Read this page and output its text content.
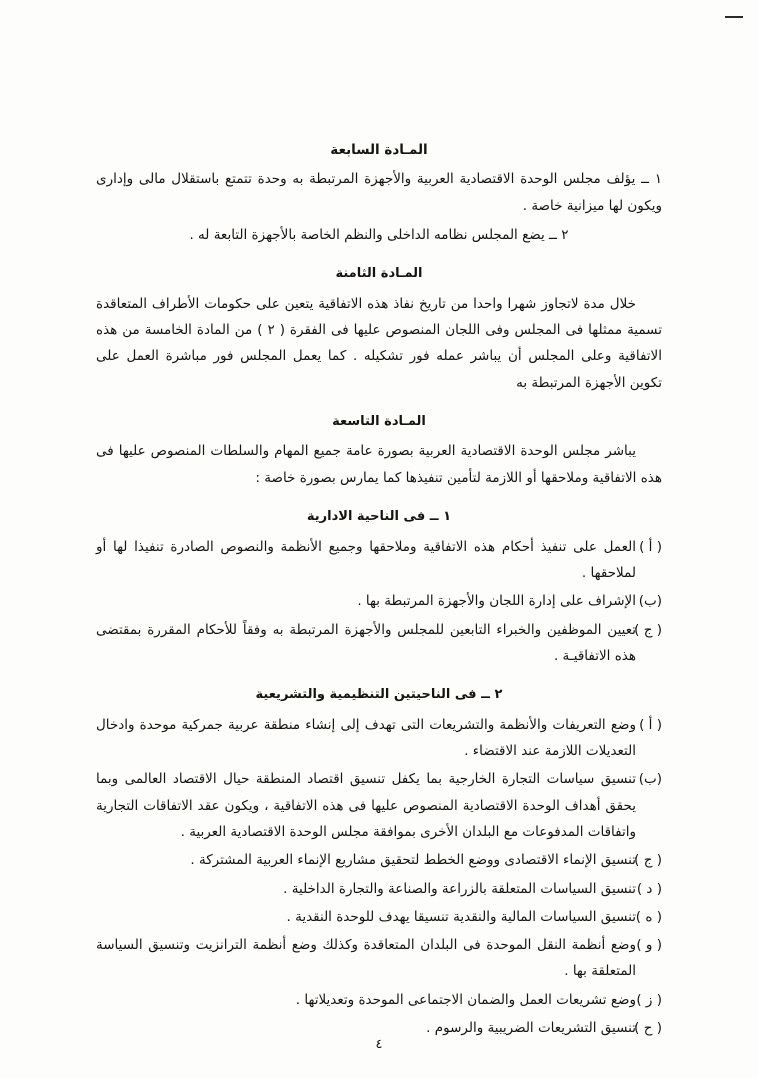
المـادة السابعة

١ ــ يؤلف مجلس الوحدة الاقتصادية العربية والأجهزة المرتبطة به وحدة تتمتع باستقلال مالى وإدارى ويكون لها ميزانية خاصة .

٢ ــ يضع المجلس نظامه الداخلى والنظم الخاصة بالأجهزة التابعة له .

المـادة الثامنة

خلال مدة لاتجاوز شهرا واحدا من تاريخ نفاذ هذه الاتفاقية يتعين على حكومات الأطراف المتعاقدة تسمية ممثلها فى المجلس وفى اللجان المنصوص عليها فى الفقرة ( ٢ ) من المادة الخامسة من هذه الاتفاقية وعلى المجلس أن يباشر عمله فور تشكيله . كما يعمل المجلس فور مباشرة العمل على تكوين الأجهزة المرتبطة به

المـادة التاسعة

يباشر مجلس الوحدة الاقتصادية العربية بصورة عامة جميع المهام والسلطات المنصوص عليها فى هذه الاتفاقية وملاحقها أو اللازمة لتأمين تنفيذها كما يمارس بصورة خاصة :

١ ــ فى الناحية الادارية

( أ )
العمل على تنفيذ أحكام هذه الاتفاقية وملاحقها وجميع الأنظمة والنصوص الصادرة تنفيذا لها أو لملاحقها .

(ب)
الإشراف على إدارة اللجان والأجهزة المرتبطة بها .

( ج )
تعيين الموظفين والخبراء التابعين للمجلس والأجهزة المرتبطة به وفقاً للأحكام المقررة بمقتضى هذه الاتفاقيـة .

٢ ــ فى الناحيتين التنظيمية والتشريعية

( أ )
وضع التعريفات والأنظمة والتشريعات التى تهدف إلى إنشاء منطقة عربية جمركية موحدة وادخال التعديلات اللازمة عند الاقتضاء .

(ب)
تنسيق سياسات التجارة الخارجية بما يكفل تنسيق اقتصاد المنطقة حيال الاقتصاد العالمى وبما يحقق أهداف الوحدة الاقتصادية المنصوص عليها فى هذه الاتفاقية ، ويكون عقد الاتفاقات التجارية واتفاقات المدفوعات مع البلدان الأخرى بموافقة مجلس الوحدة الاقتصادية العربية .

( ج )
تنسيق الإنماء الاقتصادى ووضع الخطط لتحقيق مشاريع الإنماء العربية المشتركة .

( د )
تنسيق السياسات المتعلقة بالزراعة والصناعة والتجارة الداخلية .

( ه )
تنسيق السياسات المالية والنقدية تنسيقا يهدف للوحدة النقدية .

( و )
وضع أنظمة النقل الموحدة فى البلدان المتعاقدة وكذلك وضع أنظمة الترانزيت وتنسيق السياسة المتعلقة بها .

( ز )
وضع تشريعات العمل والضمان الاجتماعى الموحدة وتعديلاتها .

( ح )
تنسيق التشريعات الضريبية والرسوم .

٤
